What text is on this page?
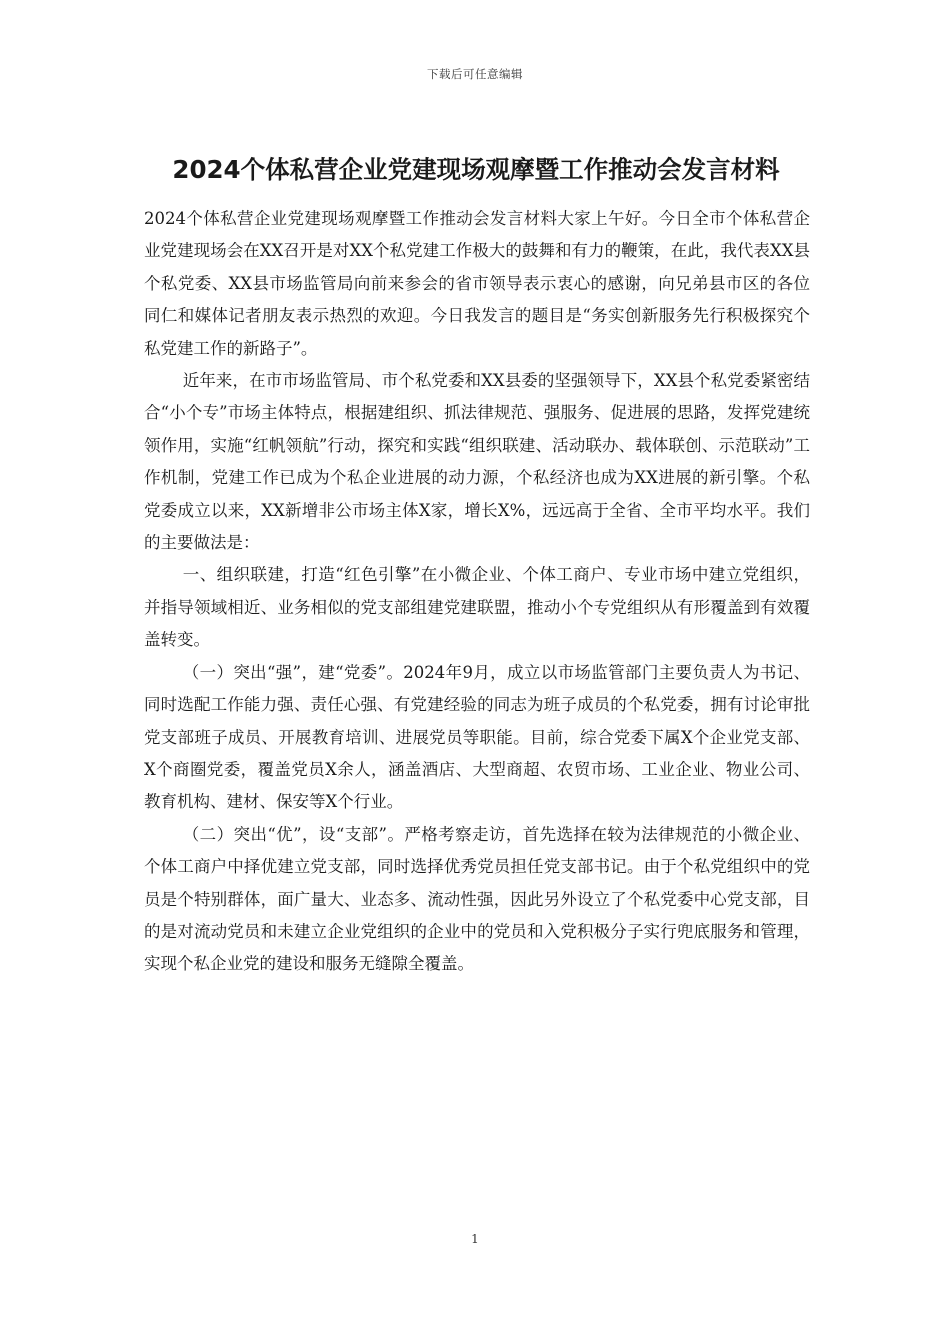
下载后可任意编辑
2024个体私营企业党建现场观摩暨工作推动会发言材料

2024个体私营企业党建现场观摩暨工作推动会发言材料大家上午好。今日全市个体私营企业党建现场会在XX召开是对XX个私党建工作极大的鼓舞和有力的鞭策，在此，我代表XX县个私党委、XX县市场监管局向前来参会的省市领导表示衷心的感谢，向兄弟县市区的各位同仁和媒体记者朋友表示热烈的欢迎。今日我发言的题目是“务实创新服务先行积极探究个私党建工作的新路子”。

近年来，在市市场监管局、市个私党委和XX县委的坚强领导下，XX县个私党委紧密结合“小个专”市场主体特点，根据建组织、抓法律规范、强服务、促进展的思路，发挥党建统领作用，实施“红帆领航”行动，探究和实践“组织联建、活动联办、载体联创、示范联动”工作机制，党建工作已成为个私企业进展的动力源，个私经济也成为XX进展的新引擎。个私党委成立以来，XX新增非公市场主体X家，增长X%，远远高于全省、全市平均水平。我们的主要做法是：

一、组织联建，打造“红色引擎”在小微企业、个体工商户、专业市场中建立党组织，并指导领域相近、业务相似的党支部组建党建联盟，推动小个专党组织从有形覆盖到有效覆盖转变。

（一）突出“强”，建“党委”。2024年9月，成立以市场监管部门主要负责人为书记、同时选配工作能力强、责任心强、有党建经验的同志为班子成员的个私党委，拥有讨论审批党支部班子成员、开展教育培训、进展党员等职能。目前，综合党委下属X个企业党支部、X个商圈党委，覆盖党员X余人，涵盖酒店、大型商超、农贸市场、工业企业、物业公司、教育机构、建材、保安等X个行业。

（二）突出“优”，设“支部”。严格考察走访，首先选择在较为法律规范的小微企业、个体工商户中择优建立党支部，同时选择优秀党员担任党支部书记。由于个私党组织中的党员是个特别群体，面广量大、业态多、流动性强，因此另外设立了个私党委中心党支部，目的是对流动党员和未建立企业党组织的企业中的党员和入党积极分子实行兜底服务和管理，实现个私企业党的建设和服务无缝隙全覆盖。

1
